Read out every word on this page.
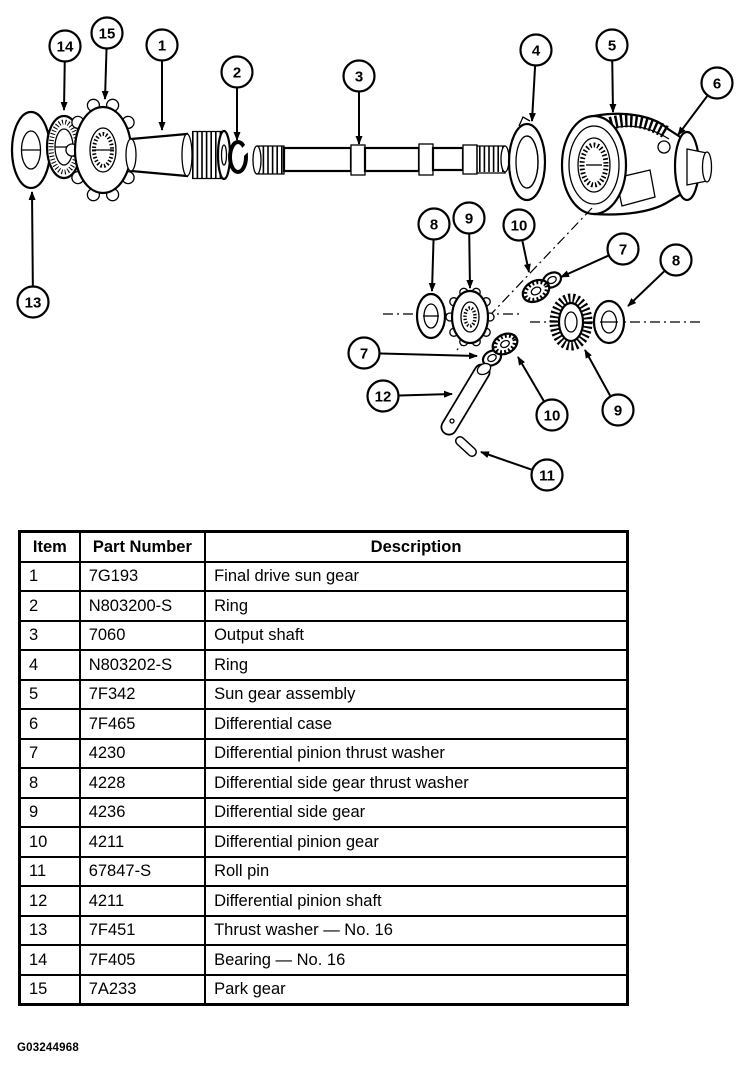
14
15
1
2	3
4	5
6
13
8 9 10
7
8
7
12
10	9
11
Item	Part Number	Description
1	7G193	Final drive sun gear
2	N803200-S	Ring
3	7060	Output shaft
4	N803202-S	Ring
5	7F342	Sun gear assembly
6	7F465	Differential case
7	4230	Differential pinion thrust washer
8	4228	Differential side gear thrust washer
9	4236	Differential side gear
10	4211	Differential pinion gear
11	67847-S	Roll pin
12	4211	Differential pinion shaft
13	7F451	Thrust washer — No. 16
14	7F405	Bearing — No. 16
15	7A233	Park gear
G03244968
